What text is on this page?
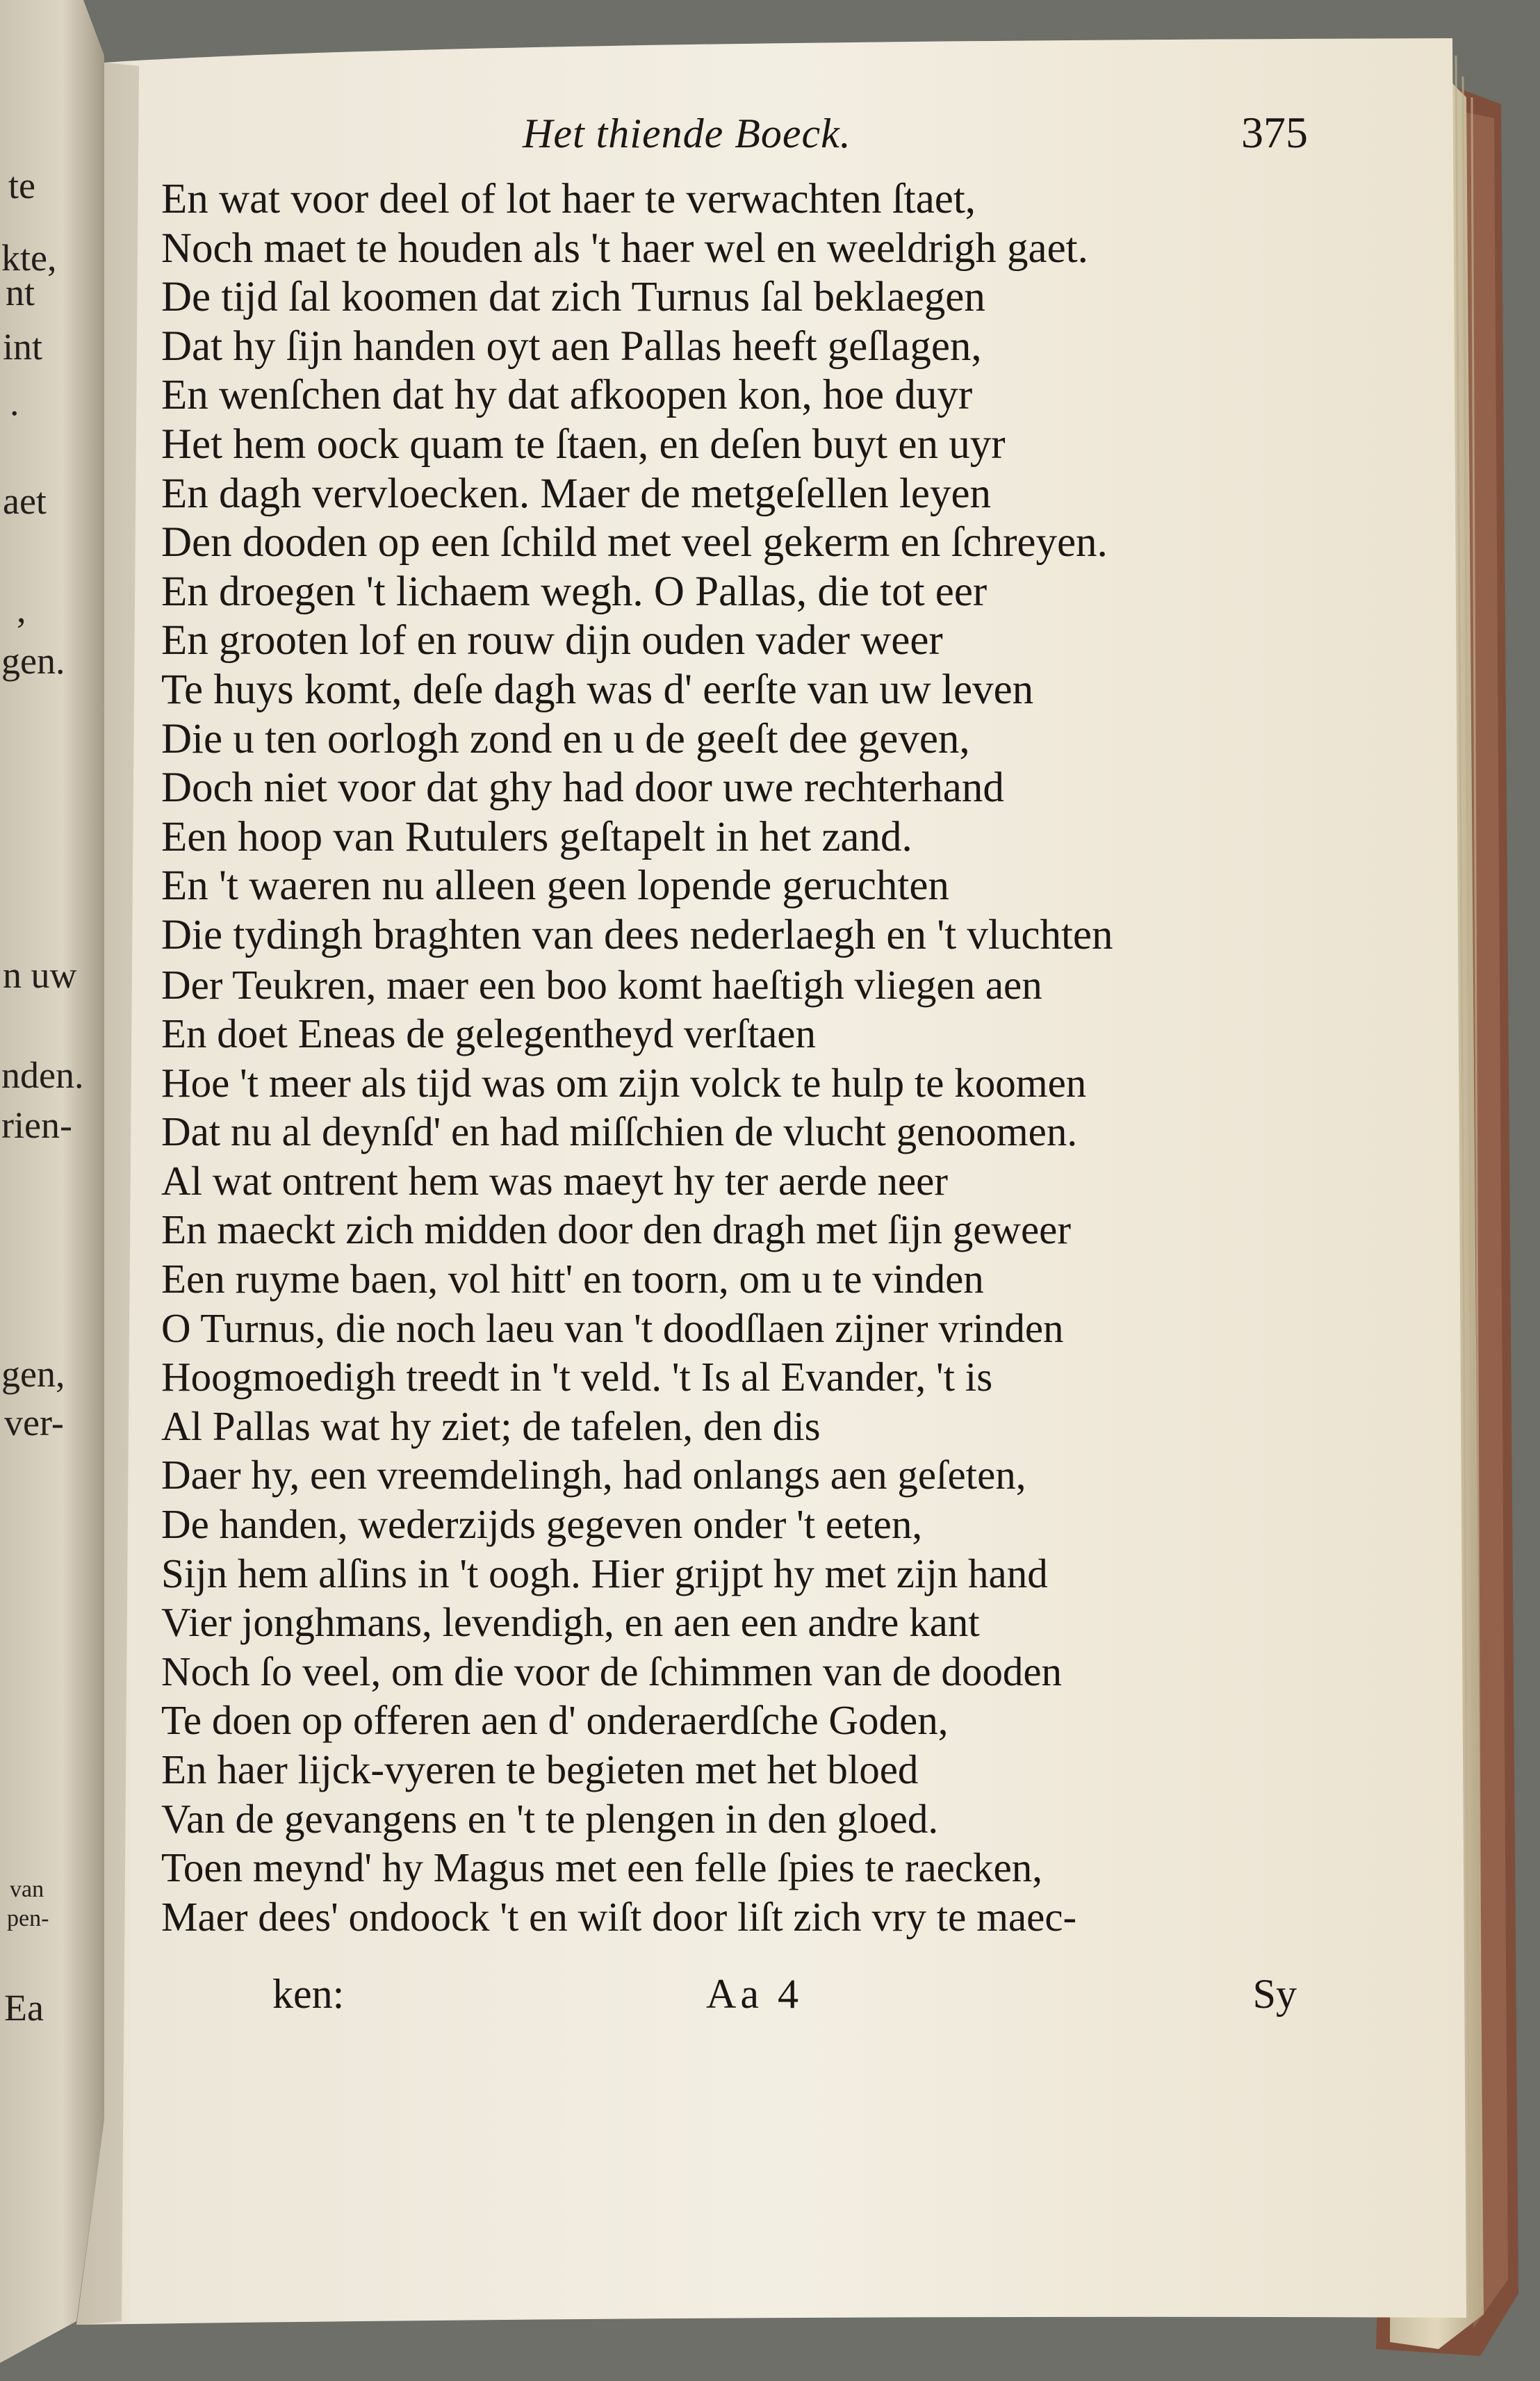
te
kte,
nt
int
.
aet
,
gen.
n uw
nden.
rien-
gen,
ver-
van
pen-
Ea
Het thiende Boeck.	375
En wat voor deel of lot haer te verwachten ſtaet,
Noch maet te houden als 't haer wel en weeldrigh gaet.
De tijd ſal koomen dat zich Turnus ſal beklaegen
Dat hy ſijn handen oyt aen Pallas heeft geſlagen,
En wenſchen dat hy dat afkoopen kon, hoe duyr
Het hem oock quam te ſtaen, en deſen buyt en uyr
En dagh vervloecken. Maer de metgeſellen leyen
Den dooden op een ſchild met veel gekerm en ſchreyen.
En droegen 't lichaem wegh. O Pallas, die tot eer
En grooten lof en rouw dijn ouden vader weer
Te huys komt, deſe dagh was d' eerſte van uw leven
Die u ten oorlogh zond en u de geeſt dee geven,
Doch niet voor dat ghy had door uwe rechterhand
Een hoop van Rutulers geſtapelt in het zand.
En 't waeren nu alleen geen lopende geruchten
Die tydingh braghten van dees nederlaegh en 't vluchten
Der Teukren, maer een boo komt haeſtigh vliegen aen
En doet Eneas de gelegentheyd verſtaen
Hoe 't meer als tijd was om zijn volck te hulp te koomen
Dat nu al deynſd' en had miſſchien de vlucht genoomen.
Al wat ontrent hem was maeyt hy ter aerde neer
En maeckt zich midden door den dragh met ſijn geweer
Een ruyme baen, vol hitt' en toorn, om u te vinden
O Turnus, die noch laeu van 't doodſlaen zijner vrinden
Hoogmoedigh treedt in 't veld. 't Is al Evander, 't is
Al Pallas wat hy ziet; de tafelen, den dis
Daer hy, een vreemdelingh, had onlangs aen geſeten,
De handen, wederzijds gegeven onder 't eeten,
Sijn hem alſins in 't oogh. Hier grijpt hy met zijn hand
Vier jonghmans, levendigh, en aen een andre kant
Noch ſo veel, om die voor de ſchimmen van de dooden
Te doen op offeren aen d' onderaerdſche Goden,
En haer lijck-vyeren te begieten met het bloed
Van de gevangens en 't te plengen in den gloed.
Toen meynd' hy Magus met een felle ſpies te raecken,
Maer dees' ondoock 't en wiſt door liſt zich vry te maec-
ken:	Aa 4	Sy
